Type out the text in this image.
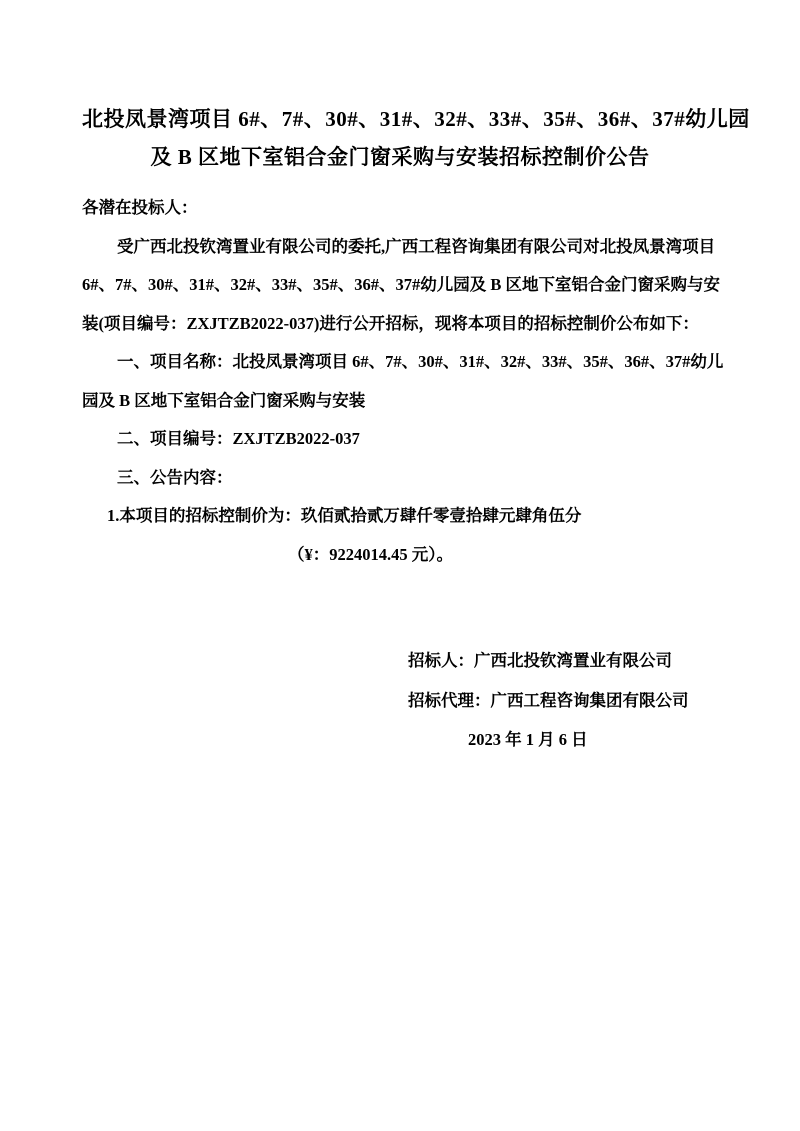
北投凤景湾项目 6#、7#、30#、31#、32#、33#、35#、36#、37#幼儿园
及 B 区地下室铝合金门窗采购与安装招标控制价公告
各潜在投标人：
受广西北投钦湾置业有限公司的委托,广西工程咨询集团有限公司对北投凤景湾项目
6#、7#、30#、31#、32#、33#、35#、36#、37#幼儿园及 B 区地下室铝合金门窗采购与安
装(项目编号：ZXJTZB2022-037)进行公开招标，现将本项目的招标控制价公布如下：
一、项目名称：北投凤景湾项目 6#、7#、30#、31#、32#、33#、35#、36#、37#幼儿
园及 B 区地下室铝合金门窗采购与安装
二、项目编号：ZXJTZB2022-037
三、公告内容：
1.本项目的招标控制价为：玖佰贰拾贰万肆仟零壹拾肆元肆角伍分
（¥：9224014.45 元）。
招标人：广西北投钦湾置业有限公司
招标代理：广西工程咨询集团有限公司
2023 年 1 月 6 日
